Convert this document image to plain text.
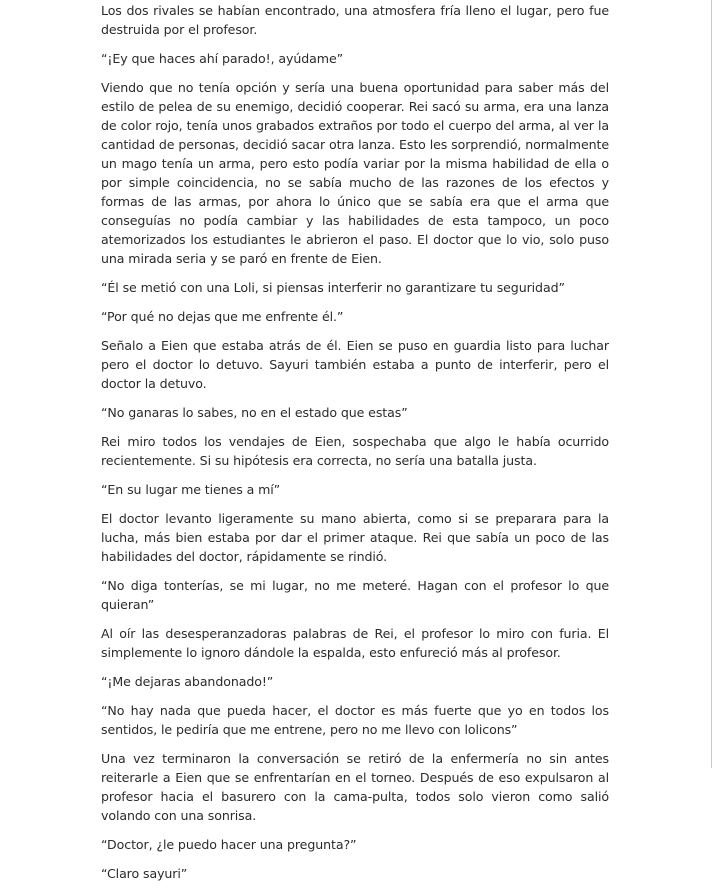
Los dos rivales se habían encontrado, una atmosfera fría lleno el lugar, pero fue destruida por el profesor.

“¡Ey que haces ahí parado!, ayúdame”

Viendo que no tenía opción y sería una buena oportunidad para saber más del estilo de pelea de su enemigo, decidió cooperar. Rei sacó su arma, era una lanza de color rojo, tenía unos grabados extraños por todo el cuerpo del arma, al ver la cantidad de personas, decidió sacar otra lanza. Esto les sorprendió, normalmente un mago tenía un arma, pero esto podía variar por la misma habilidad de ella o por simple coincidencia, no se sabía mucho de las razones de los efectos y formas de las armas, por ahora lo único que se sabía era que el arma que conseguías no podía cambiar y las habilidades de esta tampoco, un poco atemorizados los estudiantes le abrieron el paso. El doctor que lo vio, solo puso una mirada seria y se paró en frente de Eien.

“Él se metió con una Loli, si piensas interferir no garantizare tu seguridad”

“Por qué no dejas que me enfrente él.”

Señalo a Eien que estaba atrás de él. Eien se puso en guardia listo para luchar pero el doctor lo detuvo. Sayuri también estaba a punto de interferir, pero el doctor la detuvo.

“No ganaras lo sabes, no en el estado que estas”

Rei miro todos los vendajes de Eien, sospechaba que algo le había ocurrido recientemente. Si su hipótesis era correcta, no sería una batalla justa.

“En su lugar me tienes a mí”

El doctor levanto ligeramente su mano abierta, como si se preparara para la lucha, más bien estaba por dar el primer ataque. Rei que sabía un poco de las habilidades del doctor, rápidamente se rindió.

“No diga tonterías, se mi lugar, no me meteré. Hagan con el profesor lo que quieran”

Al oír las desesperanzadoras palabras de Rei, el profesor lo miro con furia. El simplemente lo ignoro dándole la espalda, esto enfureció más al profesor.

“¡Me dejaras abandonado!”

“No hay nada que pueda hacer, el doctor es más fuerte que yo en todos los sentidos, le pediría que me entrene, pero no me llevo con lolicons”

Una vez terminaron la conversación se retiró de la enfermería no sin antes reiterarle a Eien que se enfrentarían en el torneo. Después de eso expulsaron al profesor hacia el basurero con la cama-pulta, todos solo vieron como salió volando con una sonrisa.

“Doctor, ¿le puedo hacer una pregunta?”

“Claro sayuri”
